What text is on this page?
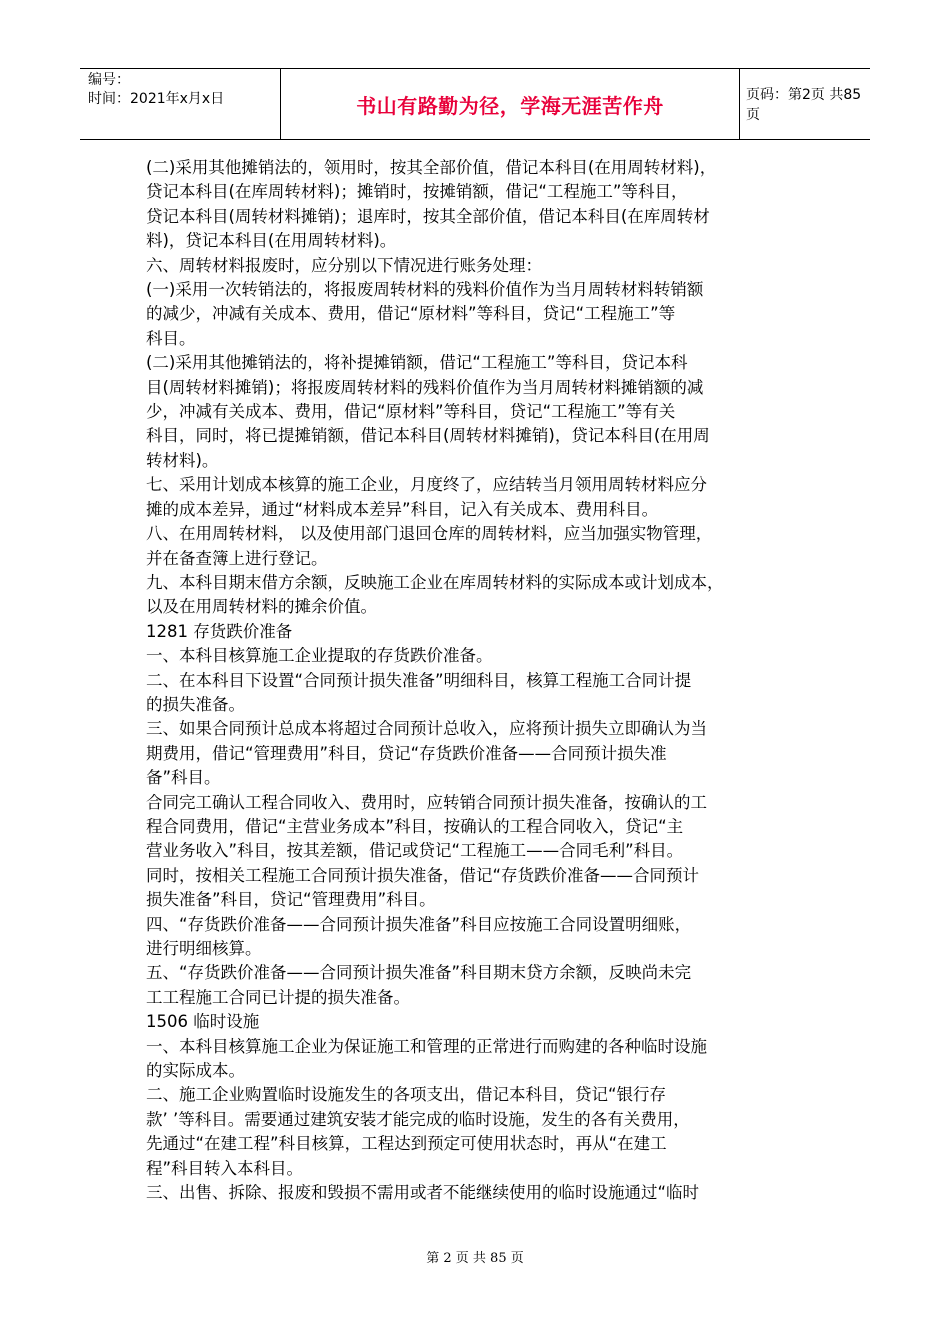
编号：
时间：2021年x月x日	书山有路勤为径，学海无涯苦作舟	页码：第2页 共85页

(二)采用其他摊销法的，领用时，按其全部价值，借记本科目(在用周转材料)，

贷记本科目(在库周转材料)；摊销时，按摊销额，借记“工程施工”等科目，

贷记本科目(周转材料摊销)；退库时，按其全部价值，借记本科目(在库周转材

料)，贷记本科目(在用周转材料)。

六、周转材料报废时，应分别以下情况进行账务处理：

(一)采用一次转销法的，将报废周转材料的残料价值作为当月周转材料转销额

的减少，冲减有关成本、费用，借记“原材料”等科目，贷记“工程施工”等

科目。

(二)采用其他摊销法的，将补提摊销额，借记“工程施工”等科目，贷记本科

目(周转材料摊销)；将报废周转材料的残料价值作为当月周转材料摊销额的减

少，冲减有关成本、费用，借记“原材料”等科目，贷记“工程施工”等有关

科目，同时，将已提摊销额，借记本科目(周转材料摊销)，贷记本科目(在用周

转材料)。

七、采用计划成本核算的施工企业，月度终了，应结转当月领用周转材料应分

摊的成本差异，通过“材料成本差异”科目，记入有关成本、费用科目。

八、在用周转材料， 以及使用部门退回仓库的周转材料，应当加强实物管理，

并在备查簿上进行登记。

九、本科目期末借方余额，反映施工企业在库周转材料的实际成本或计划成本，

以及在用周转材料的摊余价值。

1281 存货跌价准备

一、本科目核算施工企业提取的存货跌价准备。

二、在本科目下设置“合同预计损失准备”明细科目，核算工程施工合同计提

的损失准备。

三、如果合同预计总成本将超过合同预计总收入，应将预计损失立即确认为当

期费用，借记“管理费用”科目，贷记“存货跌价准备——合同预计损失准

备”科目。

合同完工确认工程合同收入、费用时，应转销合同预计损失准备，按确认的工

程合同费用，借记“主营业务成本”科目，按确认的工程合同收入，贷记“主

营业务收入”科目，按其差额，借记或贷记“工程施工——合同毛利”科目。

同时，按相关工程施工合同预计损失准备，借记“存货跌价准备——合同预计

损失准备”科目，贷记“管理费用”科目。

四、“存货跌价准备——合同预计损失准备”科目应按施工合同设置明细账，

进行明细核算。

五、“存货跌价准备——合同预计损失准备”科目期末贷方余额，反映尚未完

工工程施工合同已计提的损失准备。

1506 临时设施

一、本科目核算施工企业为保证施工和管理的正常进行而购建的各种临时设施

的实际成本。

二、施工企业购置临时设施发生的各项支出，借记本科目，贷记“银行存

款’ ’等科目。需要通过建筑安装才能完成的临时设施，发生的各有关费用，

先通过“在建工程”科目核算，工程达到预定可使用状态时，再从“在建工

程”科目转入本科目。

三、出售、拆除、报废和毁损不需用或者不能继续使用的临时设施通过“临时

第 2 页 共 85 页
